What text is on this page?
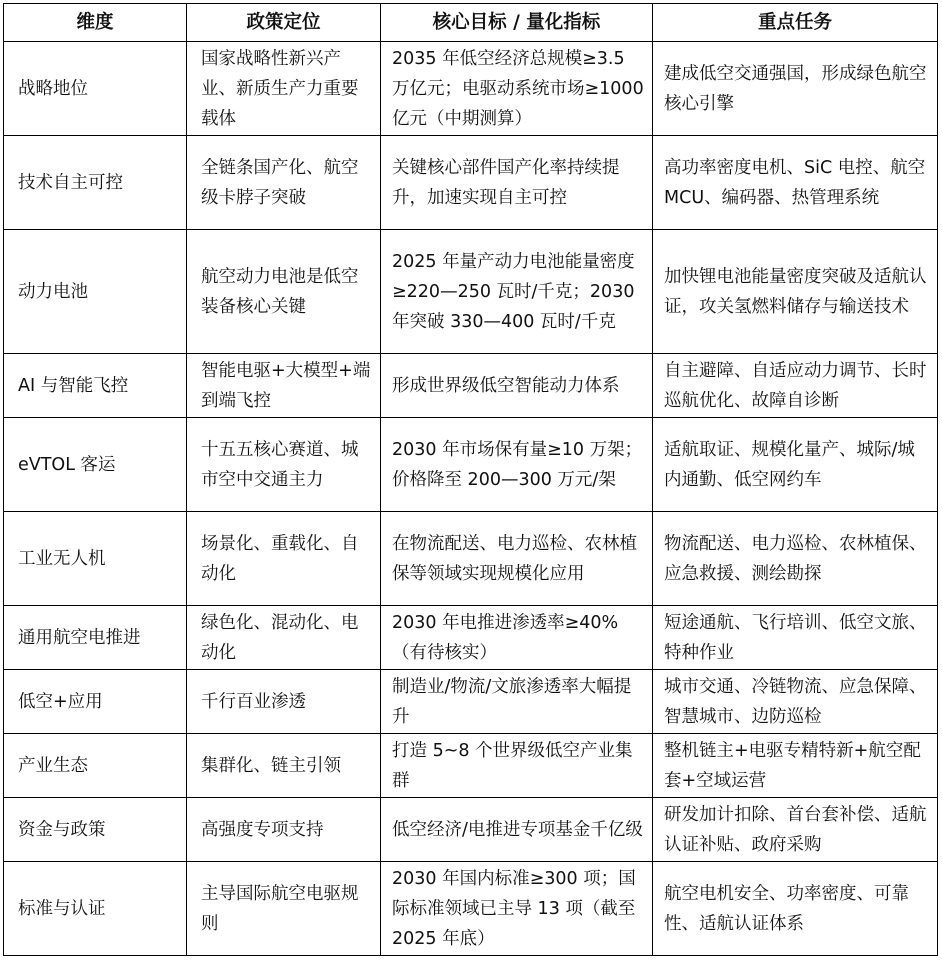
维度	政策定位	核心目标 / 量化指标	重点任务
战略地位	国家战略性新兴产业、新质生产力重要载体	2035 年低空经济总规模≥3.5 万亿元；电驱动系统市场≥1000 亿元（中期测算）	建成低空交通强国，形成绿色航空核心引擎
技术自主可控	全链条国产化、航空级卡脖子突破	关键核心部件国产化率持续提升，加速实现自主可控	高功率密度电机、SiC 电控、航空 MCU、编码器、热管理系统
动力电池	航空动力电池是低空装备核心关键	2025 年量产动力电池能量密度≥220—250 瓦时/千克；2030 年突破 330—400 瓦时/千克	加快锂电池能量密度突破及适航认证，攻关氢燃料储存与输送技术
AI 与智能飞控	智能电驱+大模型+端到端飞控	形成世界级低空智能动力体系	自主避障、自适应动力调节、长时巡航优化、故障自诊断
eVTOL 客运	十五五核心赛道、城市空中交通主力	2030 年市场保有量≥10 万架；价格降至 200—300 万元/架	适航取证、规模化量产、城际/城内通勤、低空网约车
工业无人机	场景化、重载化、自动化	在物流配送、电力巡检、农林植保等领域实现规模化应用	物流配送、电力巡检、农林植保、应急救援、测绘勘探
通用航空电推进	绿色化、混动化、电动化	2030 年电推进渗透率≥40%（有待核实）	短途通航、飞行培训、低空文旅、特种作业
低空+应用	千行百业渗透	制造业/物流/文旅渗透率大幅提升	城市交通、冷链物流、应急保障、智慧城市、边防巡检
产业生态	集群化、链主引领	打造 5~8 个世界级低空产业集群	整机链主+电驱专精特新+航空配套+空域运营
资金与政策	高强度专项支持	低空经济/电推进专项基金千亿级	研发加计扣除、首台套补偿、适航认证补贴、政府采购
标准与认证	主导国际航空电驱规则	2030 年国内标准≥300 项；国际标准领域已主导 13 项（截至 2025 年底）	航空电机安全、功率密度、可靠性、适航认证体系
